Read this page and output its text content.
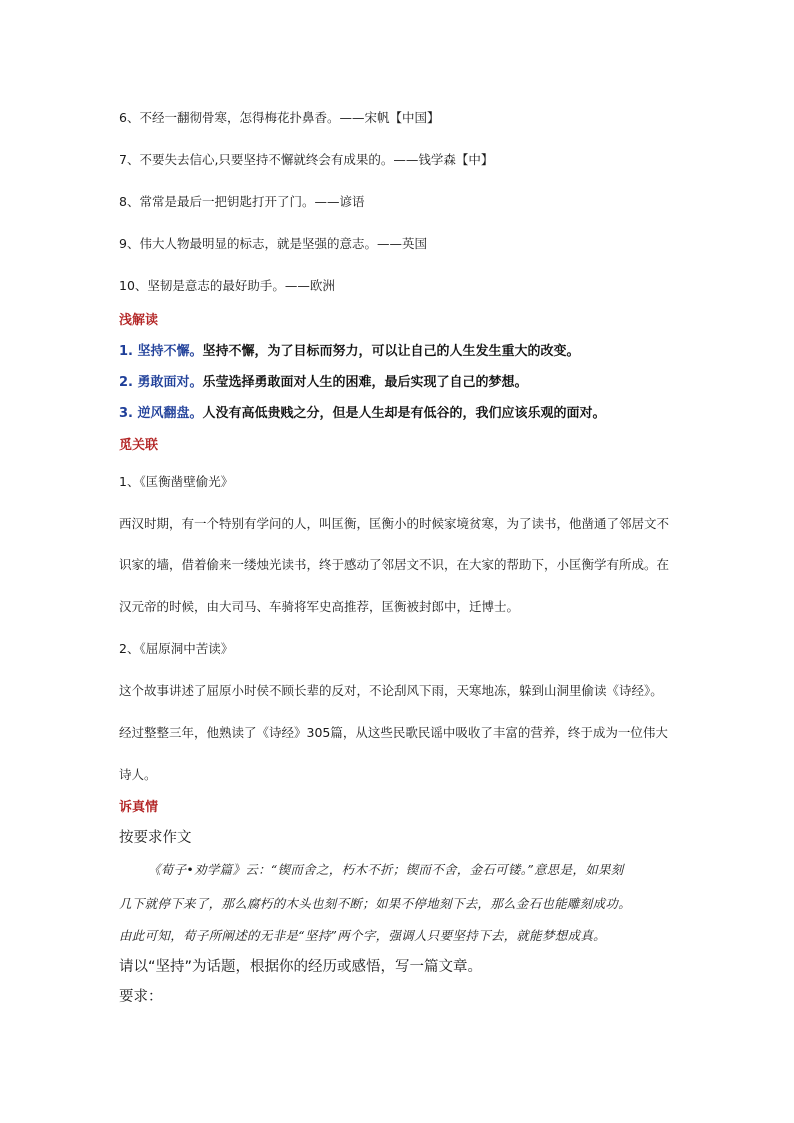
6、不经一翻彻骨寒，怎得梅花扑鼻香。——宋帆【中国】
7、不要失去信心,只要坚持不懈就终会有成果的。——钱学森【中】
8、常常是最后一把钥匙打开了门。——谚语
9、伟大人物最明显的标志，就是坚强的意志。——英国
10、坚韧是意志的最好助手。——欧洲
浅解读
1. 坚持不懈。坚持不懈，为了目标而努力，可以让自己的人生发生重大的改变。
2. 勇敢面对。乐莹选择勇敢面对人生的困难，最后实现了自己的梦想。
3. 逆风翻盘。人没有高低贵贱之分，但是人生却是有低谷的，我们应该乐观的面对。
觅关联
1、《匡衡凿壁偷光》
西汉时期，有一个特别有学问的人，叫匡衡，匡衡小的时候家境贫寒，为了读书，他凿通了邻居文不
识家的墙，借着偷来一缕烛光读书，终于感动了邻居文不识，在大家的帮助下，小匡衡学有所成。在
汉元帝的时候，由大司马、车骑将军史高推荐，匡衡被封郎中，迁博士。
2、《屈原洞中苦读》
这个故事讲述了屈原小时侯不顾长辈的反对，不论刮风下雨，天寒地冻，躲到山洞里偷读《诗经》。
经过整整三年，他熟读了《诗经》305篇，从这些民歌民谣中吸收了丰富的营养，终于成为一位伟大
诗人。
诉真情
按要求作文
《荀子•劝学篇》云：“锲而舍之，朽木不折；锲而不舍，金石可镂。”意思是，如果刻
几下就停下来了，那么腐朽的木头也刻不断；如果不停地刻下去，那么金石也能雕刻成功。
由此可知，荀子所阐述的无非是“坚持”两个字，强调人只要坚持下去，就能梦想成真。
请以“坚持”为话题，根据你的经历或感悟，写一篇文章。
要求：
